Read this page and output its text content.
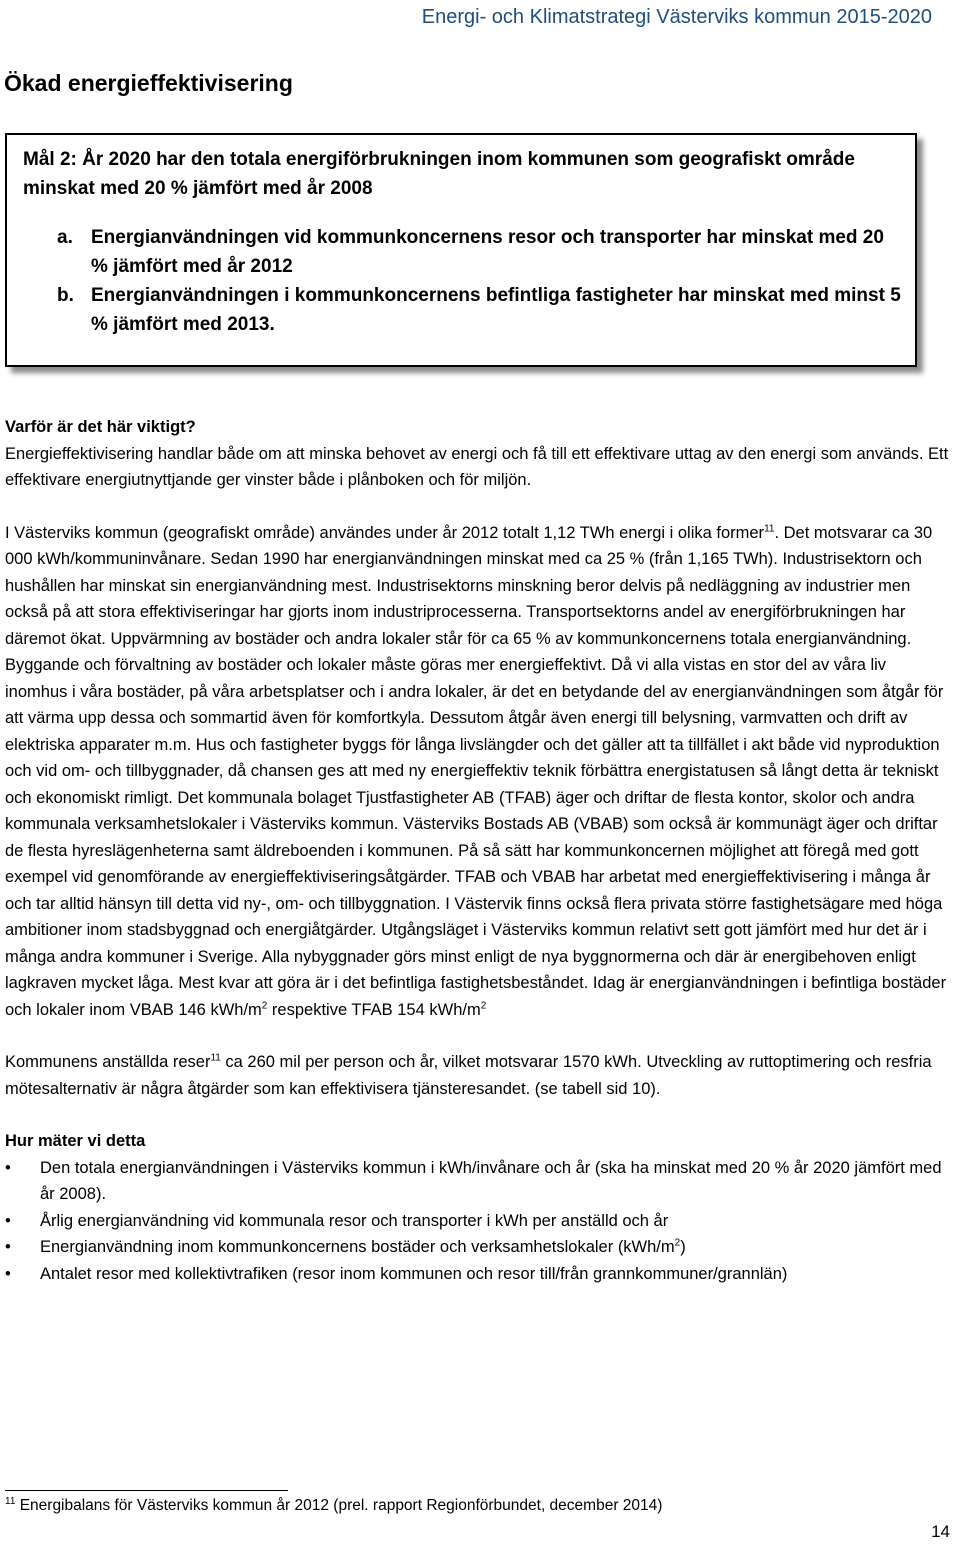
Energi- och Klimatstrategi Västerviks kommun 2015-2020
Ökad energieffektivisering

Mål 2: År 2020 har den totala energiförbrukningen inom kommunen som geografiskt område minskat med 20 % jämfört med år 2008

a. Energianvändningen vid kommunkoncernens resor och transporter har minskat med 20 % jämfört med år 2012
b. Energianvändningen i kommunkoncernens befintliga fastigheter har minskat med minst 5 % jämfört med 2013.

Varför är det här viktigt?

Energieffektivisering handlar både om att minska behovet av energi och få till ett effektivare uttag av den energi som används. Ett effektivare energiutnyttjande ger vinster både i plånboken och för miljön.

I Västerviks kommun (geografiskt område) användes under år 2012 totalt 1,12 TWh energi i olika former$^{11}$. Det motsvarar ca 30 000 kWh/kommuninvånare. Sedan 1990 har energianvändningen minskat med ca 25 % (från 1,165 TWh). Industrisektorn och hushållen har minskat sin energianvändning mest. Industrisektorns minskning beror delvis på nedläggning av industrier men också på att stora effektiviseringar har gjorts inom industriprocesserna. Transportsektorns andel av energiförbrukningen har däremot ökat. Uppvärmning av bostäder och andra lokaler står för ca 65 % av kommunkoncernens totala energianvändning. Byggande och förvaltning av bostäder och lokaler måste göras mer energieffektivt. Då vi alla vistas en stor del av våra liv inomhus i våra bostäder, på våra arbetsplatser och i andra lokaler, är det en betydande del av energianvändningen som åtgår för att värma upp dessa och sommartid även för komfortkyla. Dessutom åtgår även energi till belysning, varmvatten och drift av elektriska apparater m.m. Hus och fastigheter byggs för långa livslängder och det gäller att ta tillfället i akt både vid nyproduktion och vid om- och tillbyggnader, då chansen ges att med ny energieffektiv teknik förbättra energistatusen så långt detta är tekniskt och ekonomiskt rimligt. Det kommunala bolaget Tjustfastigheter AB (TFAB) äger och driftar de flesta kontor, skolor och andra kommunala verksamhetslokaler i Västerviks kommun. Västerviks Bostads AB (VBAB) som också är kommunägt äger och driftar de flesta hyreslägenheterna samt äldreboenden i kommunen. På så sätt har kommunkoncernen möjlighet att föregå med gott exempel vid genomförande av energieffektiviseringsåtgärder. TFAB och VBAB har arbetat med energieffektivisering i många år och tar alltid hänsyn till detta vid ny-, om- och tillbyggnation. I Västervik finns också flera privata större fastighetsägare med höga ambitioner inom stadsbyggnad och energiåtgärder. Utgångsläget i Västerviks kommun relativt sett gott jämfört med hur det är i många andra kommuner i Sverige. Alla nybyggnader görs minst enligt de nya byggnormerna och där är energibehoven enligt lagkraven mycket låga. Mest kvar att göra är i det befintliga fastighetsbeståndet. Idag är energianvändningen i befintliga bostäder och lokaler inom VBAB 146 kWh/$m^2$ respektive TFAB 154 kWh/$m^2$

Kommunens anställda reser$^{11}$ ca 260 mil per person och år, vilket motsvarar 1570 kWh. Utveckling av ruttoptimering och resfria mötesalternativ är några åtgärder som kan effektivisera tjänsteresandet. (se tabell sid 10).

Hur mäter vi detta

• Den totala energianvändningen i Västerviks kommun i kWh/invånare och år (ska ha minskat med 20 % år 2020 jämfört med år 2008).
• Årlig energianvändning vid kommunala resor och transporter i kWh per anställd och år
• Energianvändning inom kommunkoncernens bostäder och verksamhetslokaler $(kWh/m^2)$
• Antalet resor med kollektivtrafiken (resor inom kommunen och resor till/från grannkommuner/grannlän)
$^{11}$ Energibalans för Västerviks kommun år 2012 (prel. rapport Regionförbundet, december 2014)
14
